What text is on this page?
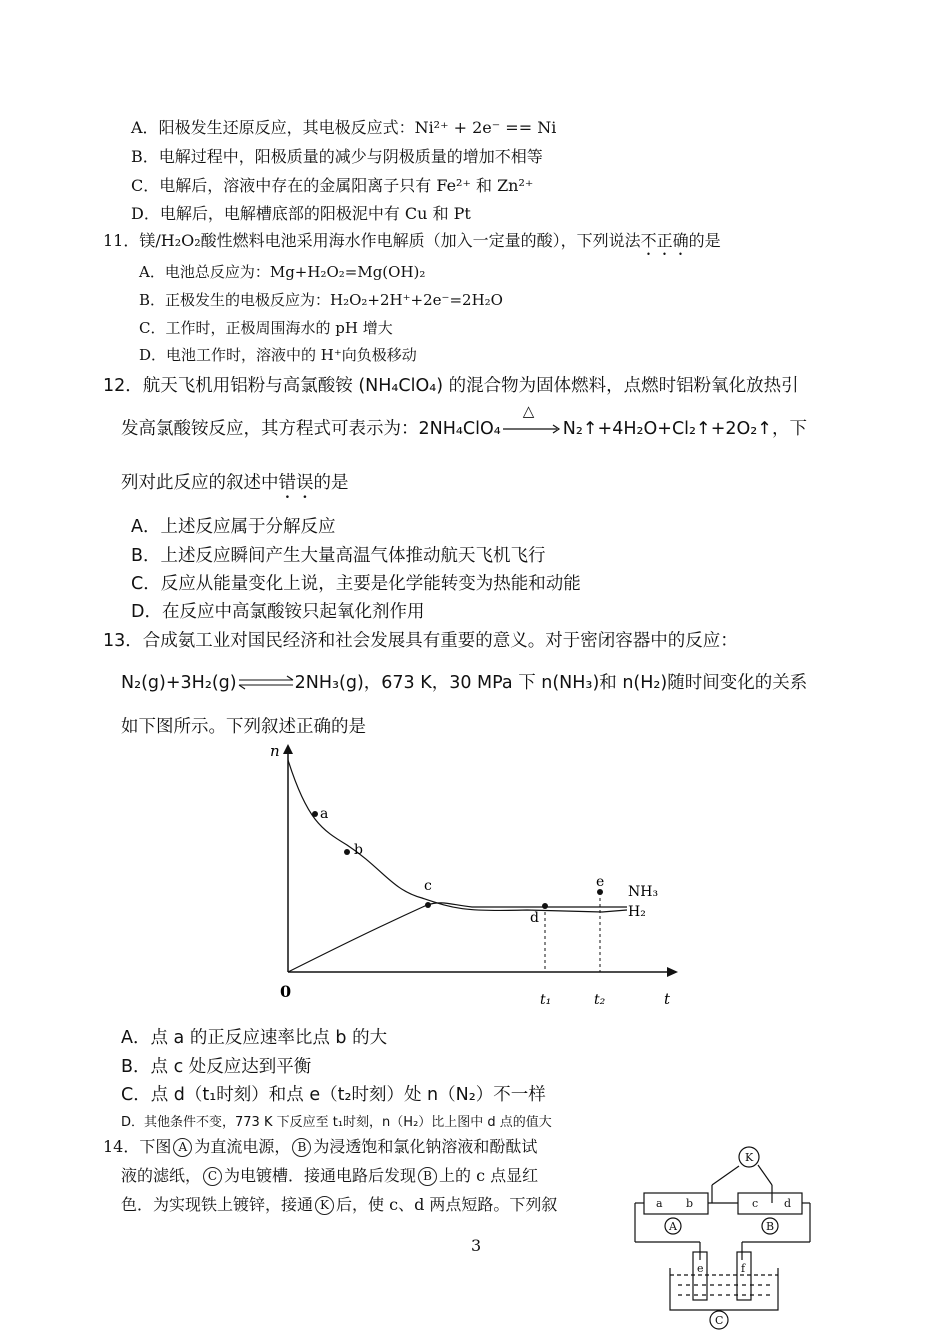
A．阳极发生还原反应，其电极反应式：Ni²⁺ + 2e⁻ == Ni
B．电解过程中，阳极质量的减少与阴极质量的增加不相等
C．电解后，溶液中存在的金属阳离子只有 Fe²⁺ 和 Zn²⁺
D．电解后，电解槽底部的阳极泥中有 Cu 和 Pt
11．镁/H₂O₂酸性燃料电池采用海水作电解质（加入一定量的酸），下列说法不正确的是
A．电池总反应为：Mg+H₂O₂=Mg(OH)₂
B．正极发生的电极反应为：H₂O₂+2H⁺+2e⁻=2H₂O
C．工作时，正极周围海水的 pH 增大
D．电池工作时，溶液中的 H⁺向负极移动
12．航天飞机用铝粉与高氯酸铵 (NH₄ClO₄) 的混合物为固体燃料，点燃时铝粉氧化放热引
发高氯酸铵反应，其方程式可表示为：2NH₄ClO₄
△
N₂↑+4H₂O+Cl₂↑+2O₂↑，下
列对此反应的叙述中错误的是
A．上述反应属于分解反应
B．上述反应瞬间产生大量高温气体推动航天飞机飞行
C．反应从能量变化上说，主要是化学能转变为热能和动能
D．在反应中高氯酸铵只起氧化剂作用
13．合成氨工业对国民经济和社会发展具有重要的意义。对于密闭容器中的反应：
N₂(g)+3H₂(g)⇌2NH₃(g)，673 K，30 MPa 下 n(NH₃)和 n(H₂)随时间变化的关系
如下图所示。下列叙述正确的是
n
t
0
a
b
c
d
e
t₁	t₂
NH₃
H₂
A．点 a 的正反应速率比点 b 的大
B．点 c 处反应达到平衡
C．点 d（t₁时刻）和点 e（t₂时刻）处 n（N₂）不一样
D．其他条件不变，773 K 下反应至 t₁时刻，n（H₂）比上图中 d 点的值大
14．下图 A 为直流电源， B 为浸透饱和氯化钠溶液和酚酞试
液的滤纸， C 为电镀槽．接通电路后发现 B 上的 c 点显红
色．为实现铁上镀锌，接通 K 后，使 c、d 两点短路。下列叙
K
a b	c d
A	B
e	f
C
3
